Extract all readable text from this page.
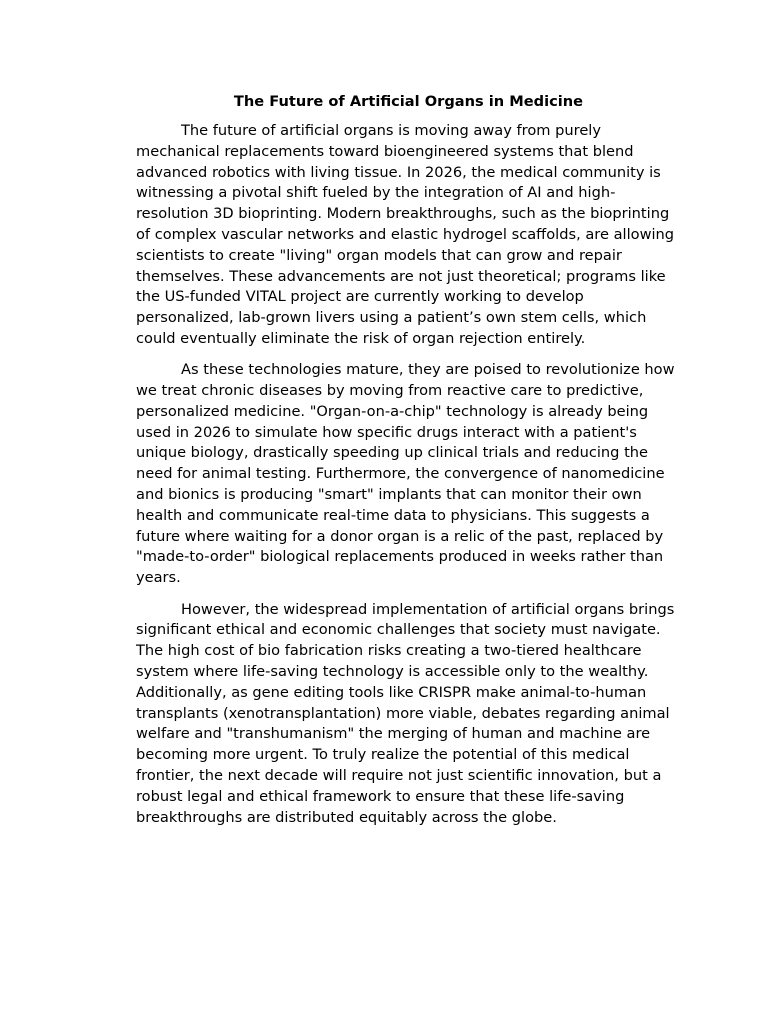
The Future of Artificial Organs in Medicine

The future of artificial organs is moving away from purely mechanical replacements toward bioengineered systems that blend advanced robotics with living tissue. In 2026, the medical community is witnessing a pivotal shift fueled by the integration of AI and high-resolution 3D bioprinting. Modern breakthroughs, such as the bioprinting of complex vascular networks and elastic hydrogel scaffolds, are allowing scientists to create "living" organ models that can grow and repair themselves. These advancements are not just theoretical; programs like the US-funded VITAL project are currently working to develop personalized, lab-grown livers using a patient’s own stem cells, which could eventually eliminate the risk of organ rejection entirely.

As these technologies mature, they are poised to revolutionize how we treat chronic diseases by moving from reactive care to predictive, personalized medicine. "Organ-on-a-chip" technology is already being used in 2026 to simulate how specific drugs interact with a patient's unique biology, drastically speeding up clinical trials and reducing the need for animal testing. Furthermore, the convergence of nanomedicine and bionics is producing "smart" implants that can monitor their own health and communicate real-time data to physicians. This suggests a future where waiting for a donor organ is a relic of the past, replaced by "made-to-order" biological replacements produced in weeks rather than years.

However, the widespread implementation of artificial organs brings significant ethical and economic challenges that society must navigate. The high cost of bio fabrication risks creating a two-tiered healthcare system where life-saving technology is accessible only to the wealthy. Additionally, as gene editing tools like CRISPR make animal-to-human transplants (xenotransplantation) more viable, debates regarding animal welfare and "transhumanism" the merging of human and machine are becoming more urgent. To truly realize the potential of this medical frontier, the next decade will require not just scientific innovation, but a robust legal and ethical framework to ensure that these life-saving breakthroughs are distributed equitably across the globe.
